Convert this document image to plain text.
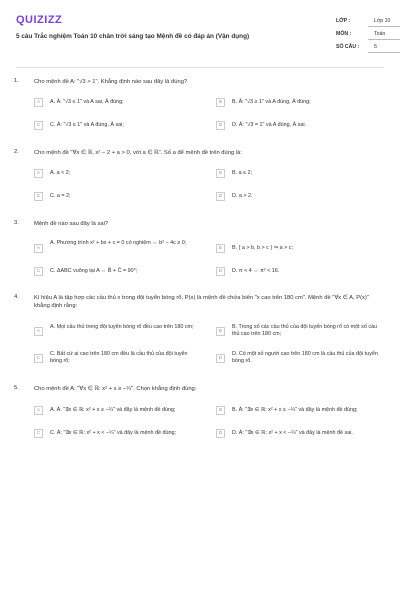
QUIZIZZ
5 câu Trắc nghiệm Toán 10 chân trời sáng tạo Mệnh đề có đáp án (Vận dụng)
LỚP :	Lớp 10
MÔN :	Toán
SỐ CÂU :	5
1.	Cho mệnh đề A: "√3 > 1". Khẳng định nào sau đây là đúng?
A	A. Ā: "√3 ≤ 1" và A sai, Ā đúng;	B	B. Ā: "√3 ≥ 1" và A đúng, Ā đúng;
C	C. Ā: "√3 ≤ 1" và A đúng, Ā sai;	D	D. Ā: "√3 = 1" và A đúng, Ā sai.
2.	Cho mệnh đề "∀x ∈ ℝ, x² − 2 + a > 0, với a ∈ ℝ". Số a để mệnh đề trên đúng là:
A	A. a < 2;	B	B. a ≤ 2;
C	C. a = 2;	D	D. a > 2.
3.	Mệnh đề nào sau đây là sai?
A
A. Phương trình x² + bx + c = 0 có nghiệm ⇔ b² − 4c ≥ 0;
B	B. { a > b, b > c } ⇒ a > c;
C	C. ΔABC vuông tại A ⇔ B̂ + Ĉ = 90°;	D	D. π < 4 ⇔ π² < 16.
4.	Kí hiệu A là tập hợp các cầu thủ x trong đội tuyển bóng rổ, P(x) là mệnh đề chứa biến "x cao trên 180 cm". Mệnh đề "∀x ∈ A, P(x)" khẳng định rằng:
A
A. Mọi cầu thủ trong đội tuyển bóng rổ đều cao trên 180 cm;
B
B. Trong số các cầu thủ của đội tuyển bóng rổ có một số cầu thủ cao trên 180 cm;
C
C. Bất cứ ai cao trên 180 cm đều là cầu thủ của đội tuyển bóng rổ;	D
D. Có một số người cao trên 180 cm là cầu thủ của đội tuyển bóng rổ.
5.	Cho mệnh đề A: "∀x ∈ ℝ: x² + x ≥ −¼". Chọn khẳng định đúng:
A	A. Ā: "∃x ∈ ℝ: x² + x ≥ −¼" và đây là mệnh đề đúng;	B	B. Ā: "∃x ∈ ℝ: x² + x ≤ −¼" và đây là mệnh đề đúng;
C	C. Ā: "∃x ∈ ℝ: x² + x < −¼" và đây là mệnh đề đúng;	D	D. Ā: "∃x ∈ ℝ: x² + x < −¼" và đây là mệnh đề sai.
